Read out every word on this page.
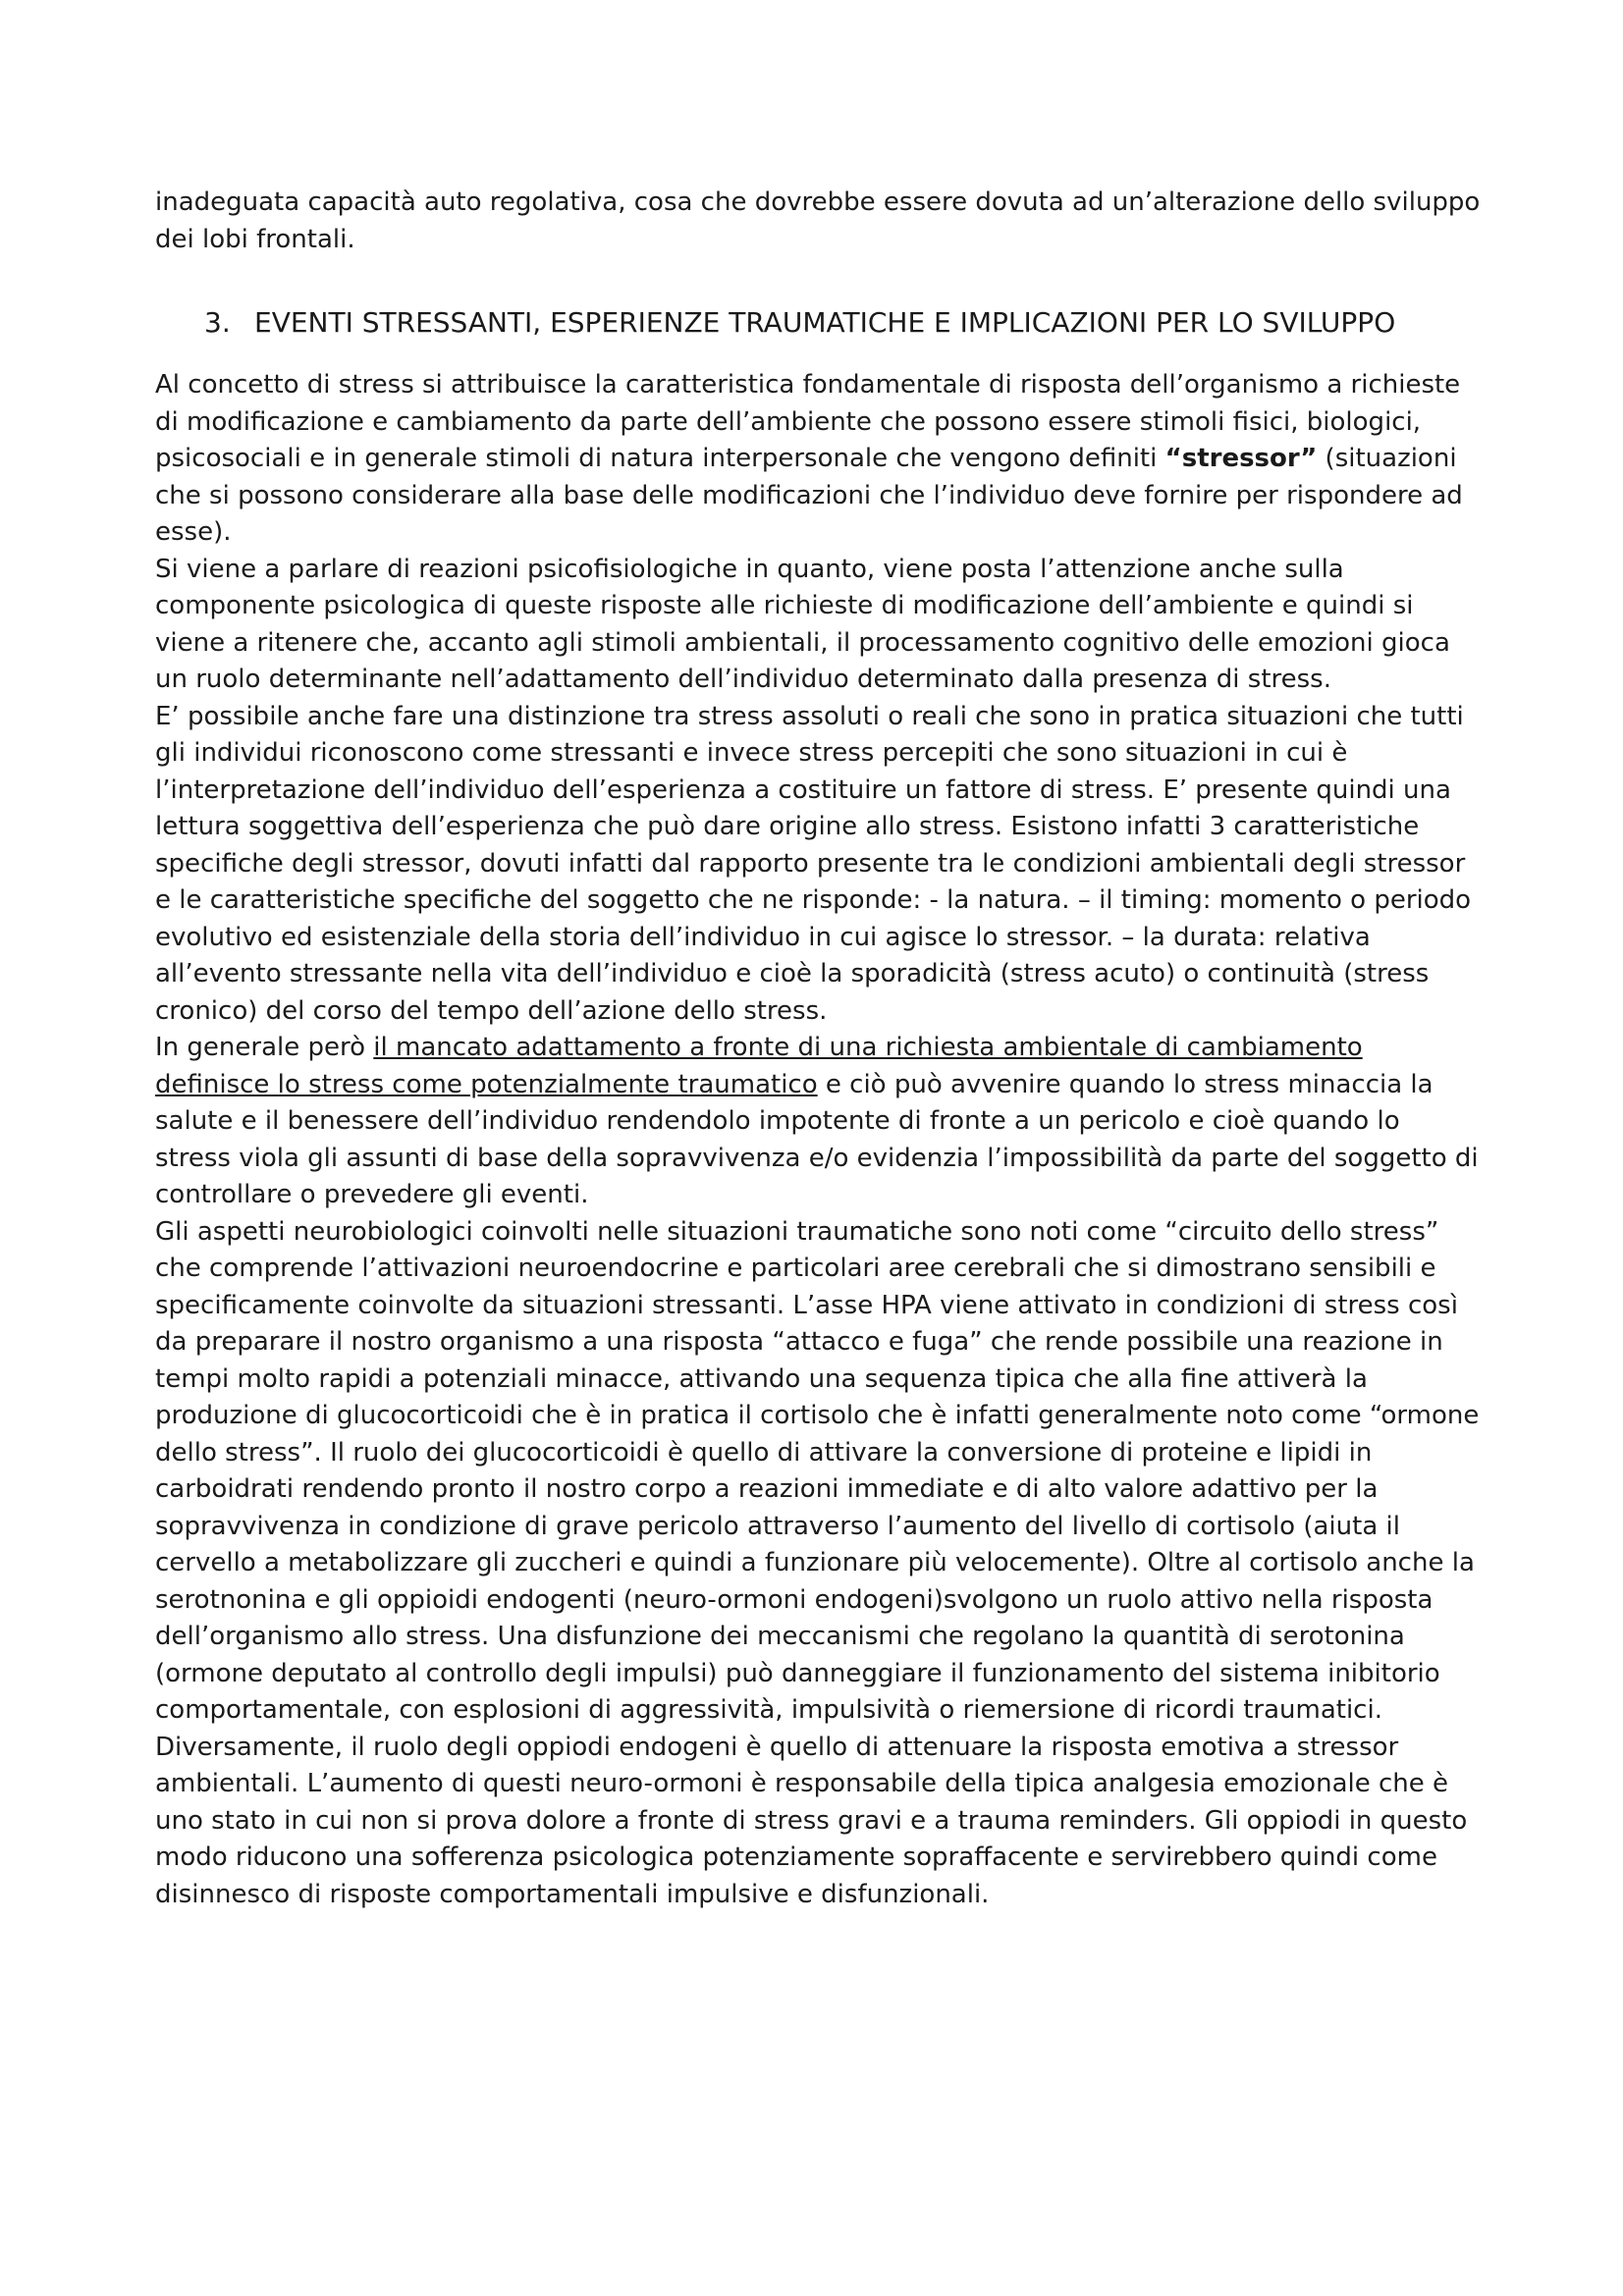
inadeguata capacità auto regolativa, cosa che dovrebbe essere dovuta ad un’alterazione dello sviluppo dei lobi frontali.

3. EVENTI STRESSANTI, ESPERIENZE TRAUMATICHE E IMPLICAZIONI PER LO SVILUPPO

Al concetto di stress si attribuisce la caratteristica fondamentale di risposta dell’organismo a richieste di modificazione e cambiamento da parte dell’ambiente che possono essere stimoli fisici, biologici, psicosociali e in generale stimoli di natura interpersonale che vengono definiti “stressor” (situazioni che si possono considerare alla base delle modificazioni che l’individuo deve fornire per rispondere ad esse).

Si viene a parlare di reazioni psicofisiologiche in quanto, viene posta l’attenzione anche sulla componente psicologica di queste risposte alle richieste di modificazione dell’ambiente e quindi si viene a ritenere che, accanto agli stimoli ambientali, il processamento cognitivo delle emozioni gioca un ruolo determinante nell’adattamento dell’individuo determinato dalla presenza di stress.

E’ possibile anche fare una distinzione tra stress assoluti o reali che sono in pratica situazioni che tutti gli individui riconoscono come stressanti e invece stress percepiti che sono situazioni in cui è l’interpretazione dell’individuo dell’esperienza a costituire un fattore di stress. E’ presente quindi una lettura soggettiva dell’esperienza che può dare origine allo stress. Esistono infatti 3 caratteristiche specifiche degli stressor, dovuti infatti dal rapporto presente tra le condizioni ambientali degli stressor e le caratteristiche specifiche del soggetto che ne risponde: - la natura. – il timing: momento o periodo evolutivo ed esistenziale della storia dell’individuo in cui agisce lo stressor. – la durata: relativa all’evento stressante nella vita dell’individuo e cioè la sporadicità (stress acuto) o continuità (stress cronico) del corso del tempo dell’azione dello stress.

In generale però il mancato adattamento a fronte di una richiesta ambientale di cambiamento definisce lo stress come potenzialmente traumatico e ciò può avvenire quando lo stress minaccia la salute e il benessere dell’individuo rendendolo impotente di fronte a un pericolo e cioè quando lo stress viola gli assunti di base della sopravvivenza e/o evidenzia l’impossibilità da parte del soggetto di controllare o prevedere gli eventi.

Gli aspetti neurobiologici coinvolti nelle situazioni traumatiche sono noti come “circuito dello stress” che comprende l’attivazioni neuroendocrine e particolari aree cerebrali che si dimostrano sensibili e specificamente coinvolte da situazioni stressanti. L’asse HPA viene attivato in condizioni di stress così da preparare il nostro organismo a una risposta “attacco e fuga” che rende possibile una reazione in tempi molto rapidi a potenziali minacce, attivando una sequenza tipica che alla fine attiverà la produzione di glucocorticoidi che è in pratica il cortisolo che è infatti generalmente noto come “ormone dello stress”. Il ruolo dei glucocorticoidi è quello di attivare la conversione di proteine e lipidi in carboidrati rendendo pronto il nostro corpo a reazioni immediate e di alto valore adattivo per la sopravvivenza in condizione di grave pericolo attraverso l’aumento del livello di cortisolo (aiuta il cervello a metabolizzare gli zuccheri e quindi a funzionare più velocemente). Oltre al cortisolo anche la serotnonina e gli oppioidi endogenti (neuro-ormoni endogeni)svolgono un ruolo attivo nella risposta dell’organismo allo stress. Una disfunzione dei meccanismi che regolano la quantità di serotonina (ormone deputato al controllo degli impulsi) può danneggiare il funzionamento del sistema inibitorio comportamentale, con esplosioni di aggressività, impulsività o riemersione di ricordi traumatici. Diversamente, il ruolo degli oppiodi endogeni è quello di attenuare la risposta emotiva a stressor ambientali. L’aumento di questi neuro-ormoni è responsabile della tipica analgesia emozionale che è uno stato in cui non si prova dolore a fronte di stress gravi e a trauma reminders. Gli oppiodi in questo modo riducono una sofferenza psicologica potenziamente sopraffacente e servirebbero quindi come disinnesco di risposte comportamentali impulsive e disfunzionali.
